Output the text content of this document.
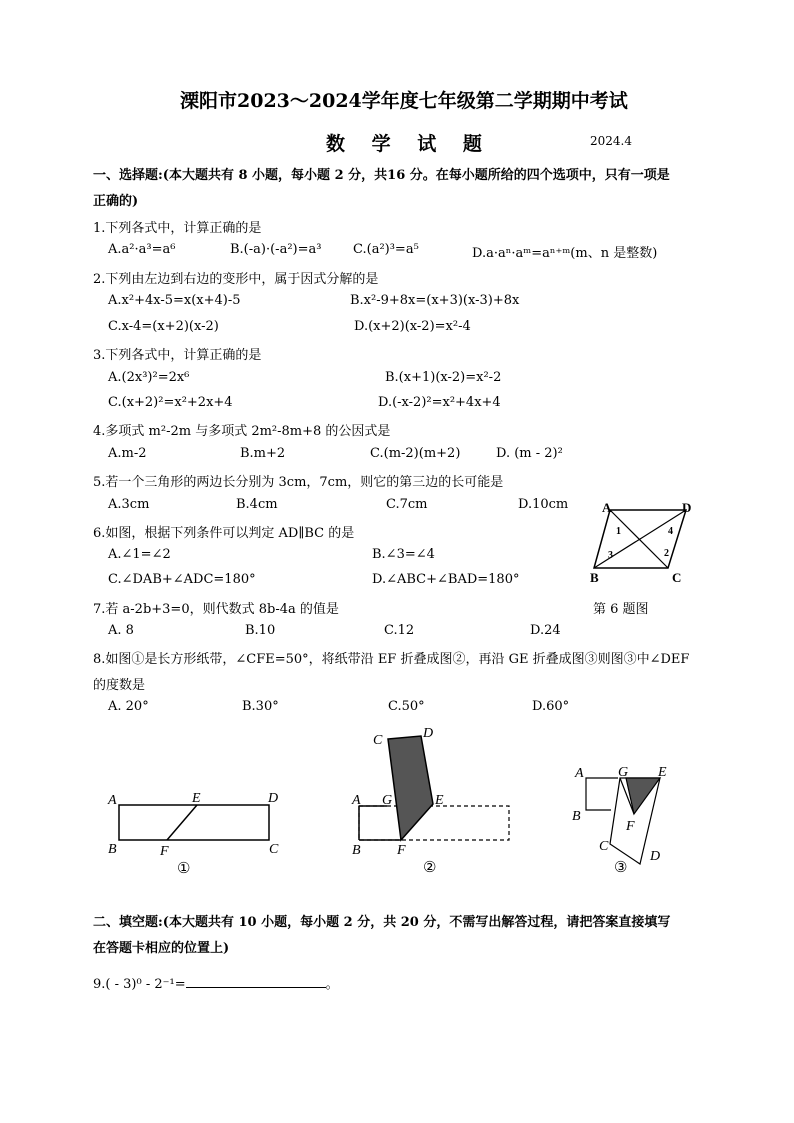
溧阳市2023～2024学年度七年级第二学期期中考试
数 学 试 题	2024.4
一、选择题:(本大题共有 8 小题，每小题 2 分，共16 分。在每小题所给的四个选项中，只有一项是
正确的)
1.下列各式中，计算正确的是
A.a²·a³=a⁶	B.(-a)·(-a²)=a³ C.(a²)³=a⁵	D.a·aⁿ·aᵐ=aⁿ⁺ᵐ(m、n 是整数)
2.下列由左边到右边的变形中，属于因式分解的是
A.x²+4x-5=x(x+4)-5	B.x²-9+8x=(x+3)(x-3)+8x
C.x-4=(x+2)(x-2)	D.(x+2)(x-2)=x²-4
3.下列各式中，计算正确的是
A.(2x³)²=2x⁶	B.(x+1)(x-2)=x²-2
C.(x+2)²=x²+2x+4	D.(-x-2)²=x²+4x+4
4.多项式 m²-2m 与多项式 2m²-8m+8 的公因式是
A.m-2	B.m+2	C.(m-2)(m+2)	D. (m - 2)²
5.若一个三角形的两边长分别为 3cm，7cm，则它的第三边的长可能是
A.3cm	B.4cm	C.7cm	D.10cm
6.如图，根据下列条件可以判定 AD∥BC 的是
A.∠1=∠2	B.∠3=∠4
C.∠DAB+∠ADC=180°	D.∠ABC+∠BAD=180°
A	D
B	C
1
2
3
4
第 6 题图
7.若 a-2b+3=0，则代数式 8b-4a 的值是
A. 8	B.10	C.12	D.24
8.如图①是长方形纸带，∠CFE=50°，将纸带沿 EF 折叠成图②，再沿 GE 折叠成图③则图③中∠DEF
的度数是
A. 20°	B.30°	C.50°	D.60°
A	E	D
B	F	C
①
C	D
A G	E
B	F
②
A G E
B
F
C
D
③
二、填空题:(本大题共有 10 小题，每小题 2 分，共 20 分，不需写出解答过程，请把答案直接填写
在答题卡相应的位置上)
9.( - 3)⁰ - 2⁻¹=	。
